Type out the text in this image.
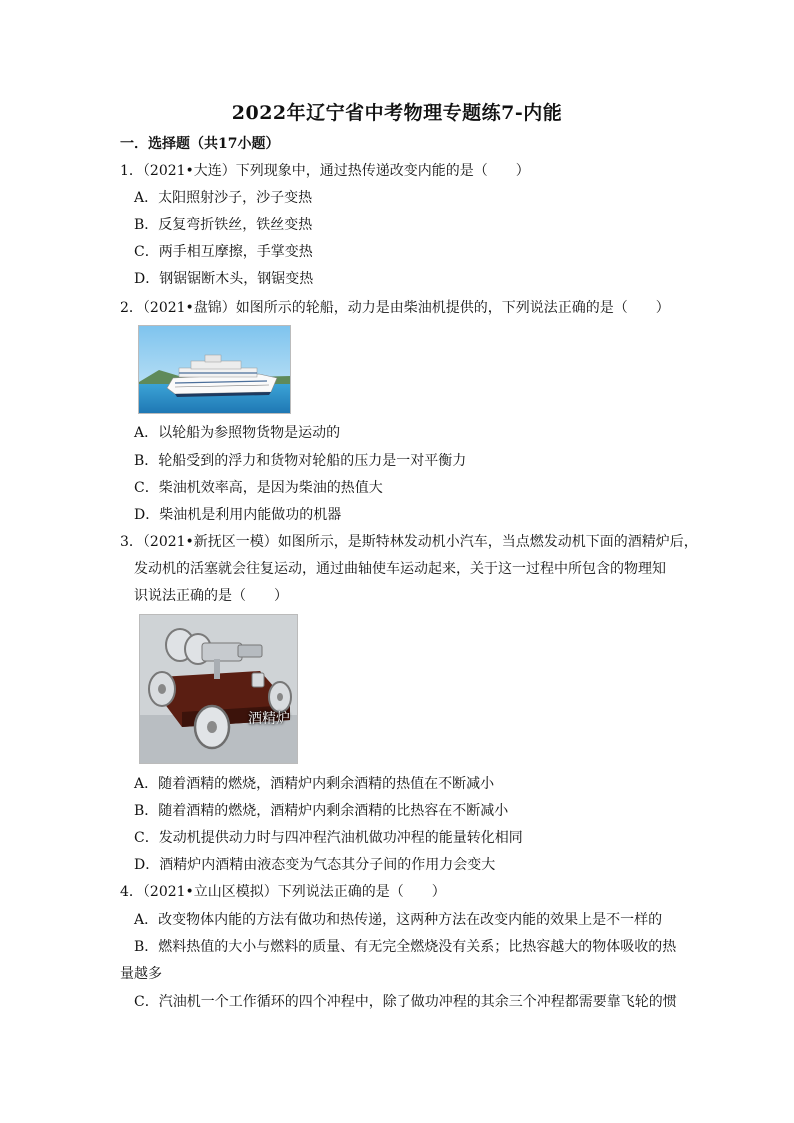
2022年辽宁省中考物理专题练7-内能
一．选择题（共17小题）
1．（2021•大连）下列现象中，通过热传递改变内能的是（　　）
A．太阳照射沙子，沙子变热
B．反复弯折铁丝，铁丝变热
C．两手相互摩擦，手掌变热
D．钢锯锯断木头，钢锯变热
2．（2021•盘锦）如图所示的轮船，动力是由柴油机提供的，下列说法正确的是（　　）
A．以轮船为参照物货物是运动的
B．轮船受到的浮力和货物对轮船的压力是一对平衡力
C．柴油机效率高，是因为柴油的热值大
D．柴油机是利用内能做功的机器
3．（2021•新抚区一模）如图所示，是斯特林发动机小汽车，当点燃发动机下面的酒精炉后，
发动机的活塞就会往复运动，通过曲轴使车运动起来，关于这一过程中所包含的物理知
识说法正确的是（　　）
酒精炉
A．随着酒精的燃烧，酒精炉内剩余酒精的热值在不断减小
B．随着酒精的燃烧，酒精炉内剩余酒精的比热容在不断减小
C．发动机提供动力时与四冲程汽油机做功冲程的能量转化相同
D．酒精炉内酒精由液态变为气态其分子间的作用力会变大
4．（2021•立山区模拟）下列说法正确的是（　　）
A．改变物体内能的方法有做功和热传递，这两种方法在改变内能的效果上是不一样的
B．燃料热值的大小与燃料的质量、有无完全燃烧没有关系；比热容越大的物体吸收的热
量越多
C．汽油机一个工作循环的四个冲程中，除了做功冲程的其余三个冲程都需要靠飞轮的惯
